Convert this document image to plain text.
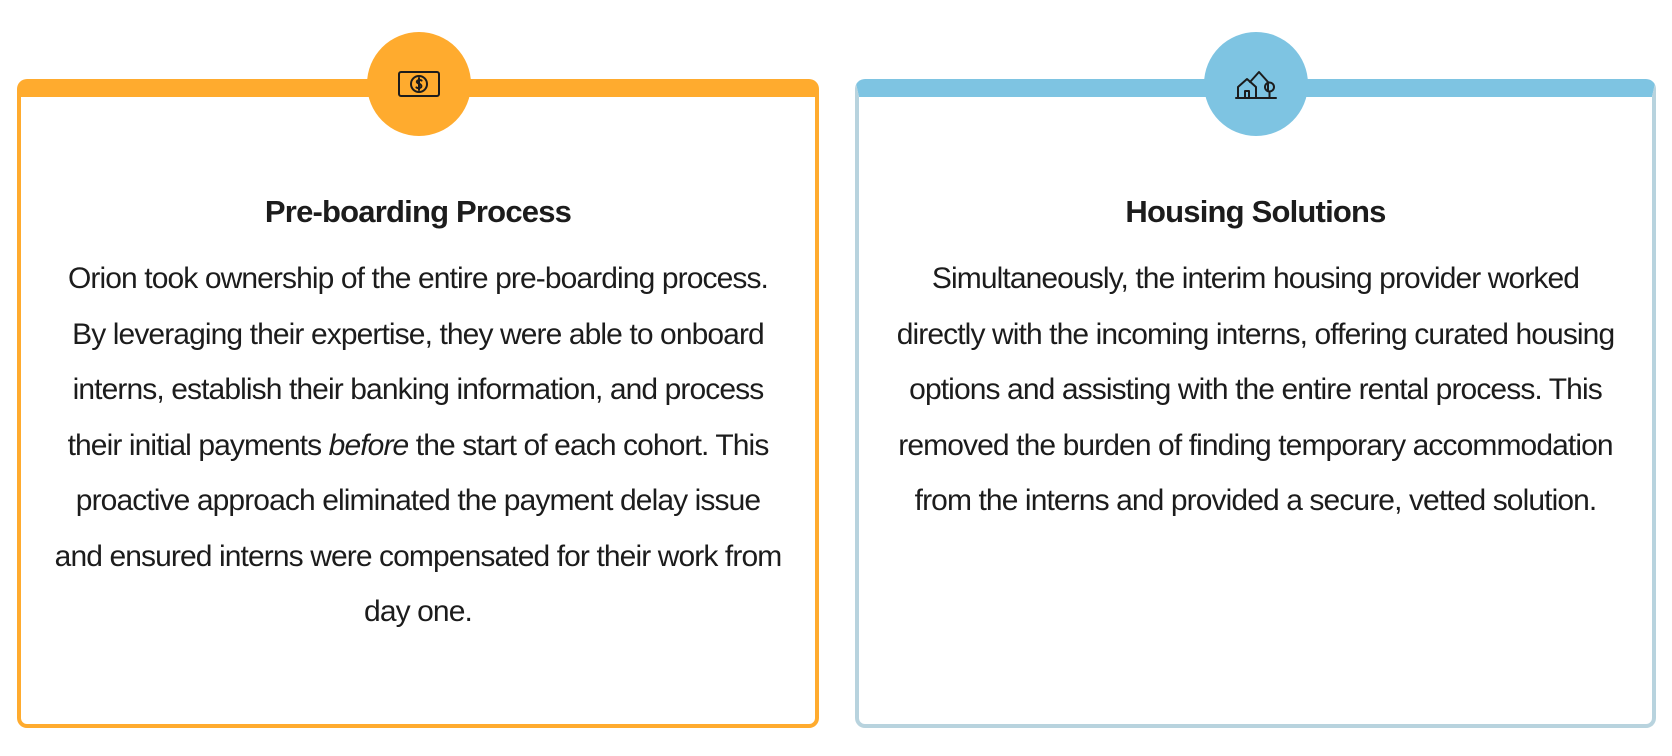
Pre-boarding Process

Orion took ownership of the entire pre-boarding process. By leveraging their expertise, they were able to onboard interns, establish their banking information, and process their initial payments before the start of each cohort. This proactive approach eliminated the payment delay issue and ensured interns were compensated for their work from day one.

Housing Solutions

Simultaneously, the interim housing provider worked directly with the incoming interns, offering curated housing options and assisting with the entire rental process. This removed the burden of finding temporary accommodation from the interns and provided a secure, vetted solution.
